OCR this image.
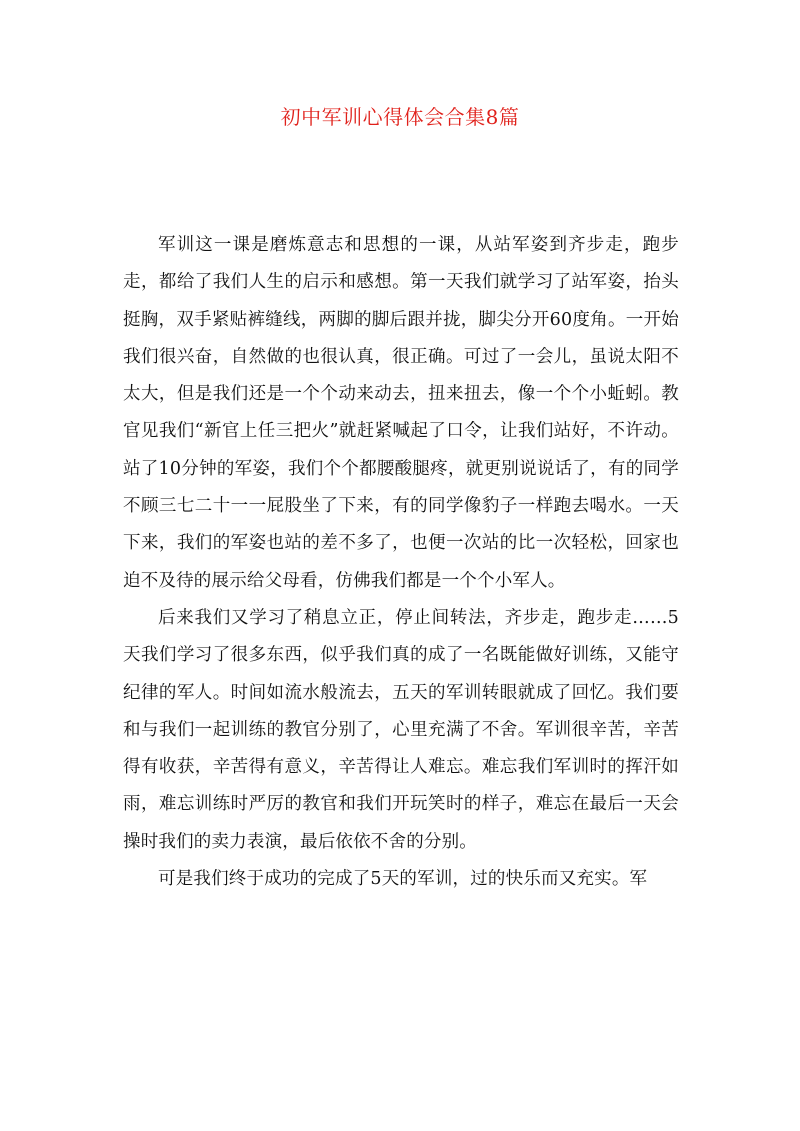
初中军训心得体会合集8篇

军训这一课是磨炼意志和思想的一课，从站军姿到齐步走，跑步走，都给了我们人生的启示和感想。第一天我们就学习了站军姿，抬头挺胸，双手紧贴裤缝线，两脚的脚后跟并拢，脚尖分开60度角。一开始我们很兴奋，自然做的也很认真，很正确。可过了一会儿，虽说太阳不太大，但是我们还是一个个动来动去，扭来扭去，像一个个小蚯蚓。教官见我们“新官上任三把火”就赶紧喊起了口令，让我们站好，不许动。站了10分钟的军姿，我们个个都腰酸腿疼，就更别说说话了，有的同学不顾三七二十一一屁股坐了下来，有的同学像豹子一样跑去喝水。一天下来，我们的军姿也站的差不多了，也便一次站的比一次轻松，回家也迫不及待的展示给父母看，仿佛我们都是一个个小军人。

后来我们又学习了稍息立正，停止间转法，齐步走，跑步走……5天我们学习了很多东西，似乎我们真的成了一名既能做好训练，又能守纪律的军人。时间如流水般流去，五天的军训转眼就成了回忆。我们要和与我们一起训练的教官分别了，心里充满了不舍。军训很辛苦，辛苦得有收获，辛苦得有意义，辛苦得让人难忘。难忘我们军训时的挥汗如雨，难忘训练时严厉的教官和我们开玩笑时的样子，难忘在最后一天会操时我们的卖力表演，最后依依不舍的分别。

可是我们终于成功的完成了5天的军训，过的快乐而又充实。军
